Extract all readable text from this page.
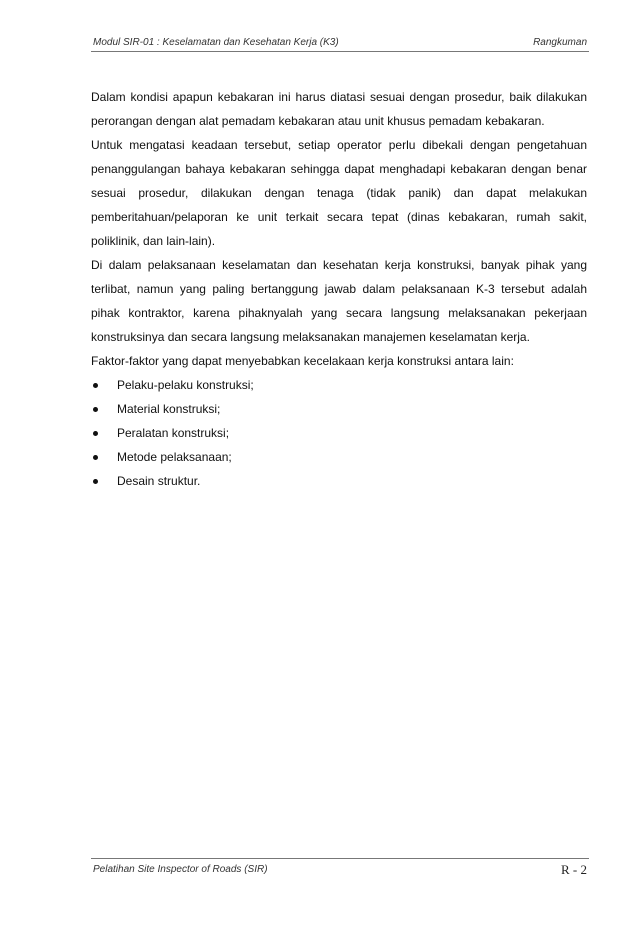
Modul SIR-01 : Keselamatan dan Kesehatan Kerja (K3)	Rangkuman

Dalam kondisi apapun kebakaran ini harus diatasi sesuai dengan prosedur, baik dilakukan perorangan dengan alat pemadam kebakaran atau unit khusus pemadam kebakaran.

Untuk mengatasi keadaan tersebut, setiap operator perlu dibekali dengan pengetahuan penanggulangan bahaya kebakaran sehingga dapat menghadapi kebakaran dengan benar sesuai prosedur, dilakukan dengan tenaga (tidak panik) dan dapat melakukan pemberitahuan/pelaporan ke unit terkait secara tepat (dinas kebakaran, rumah sakit, poliklinik, dan lain-lain).

Di dalam pelaksanaan keselamatan dan kesehatan kerja konstruksi, banyak pihak yang terlibat, namun yang paling bertanggung jawab dalam pelaksanaan K-3 tersebut adalah pihak kontraktor, karena pihaknyalah yang secara langsung melaksanakan pekerjaan konstruksinya dan secara langsung melaksanakan manajemen keselamatan kerja.

Faktor-faktor yang dapat menyebabkan kecelakaan kerja konstruksi antara lain:

Pelaku-pelaku konstruksi;
Material konstruksi;
Peralatan konstruksi;
Metode pelaksanaan;
Desain struktur.
Pelatihan Site Inspector of Roads (SIR)	R - 2
